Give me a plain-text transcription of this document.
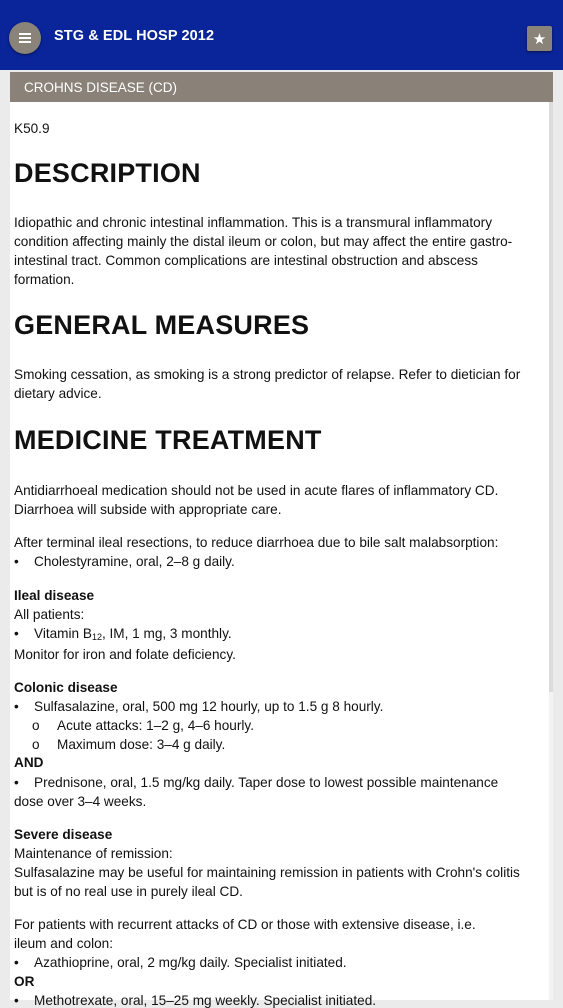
STG & EDL HOSP 2012	★
CROHNS DISEASE (CD)

K50.9

DESCRIPTION

Idiopathic and chronic intestinal inflammation. This is a transmural inflammatory

condition affecting mainly the distal ileum or colon, but may affect the entire gastro-

intestinal tract. Common complications are intestinal obstruction and abscess

formation.

GENERAL MEASURES

Smoking cessation, as smoking is a strong predictor of relapse. Refer to dietician for

dietary advice.

MEDICINE TREATMENT

Antidiarrhoeal medication should not be used in acute flares of inflammatory CD.

Diarrhoea will subside with appropriate care.

After terminal ileal resections, to reduce diarrhoea due to bile salt malabsorption:

• Cholestyramine, oral, 2–8 g daily.

Ileal disease

All patients:

• Vitamin $B_{12}$, IM, 1 mg, 3 monthly.

Monitor for iron and folate deficiency.

Colonic disease

• Sulfasalazine, oral, 500 mg 12 hourly, up to 1.5 g 8 hourly.

o Acute attacks: 1–2 g, 4–6 hourly.

o Maximum dose: 3–4 g daily.

AND

• Prednisone, oral, 1.5 mg/kg daily. Taper dose to lowest possible maintenance

dose over 3–4 weeks.

Severe disease

Maintenance of remission:

Sulfasalazine may be useful for maintaining remission in patients with Crohn's colitis

but is of no real use in purely ileal CD.

For patients with recurrent attacks of CD or those with extensive disease, i.e.

ileum and colon:

• Azathioprine, oral, 2 mg/kg daily. Specialist initiated.

OR

• Methotrexate, oral, 15–25 mg weekly. Specialist initiated.
